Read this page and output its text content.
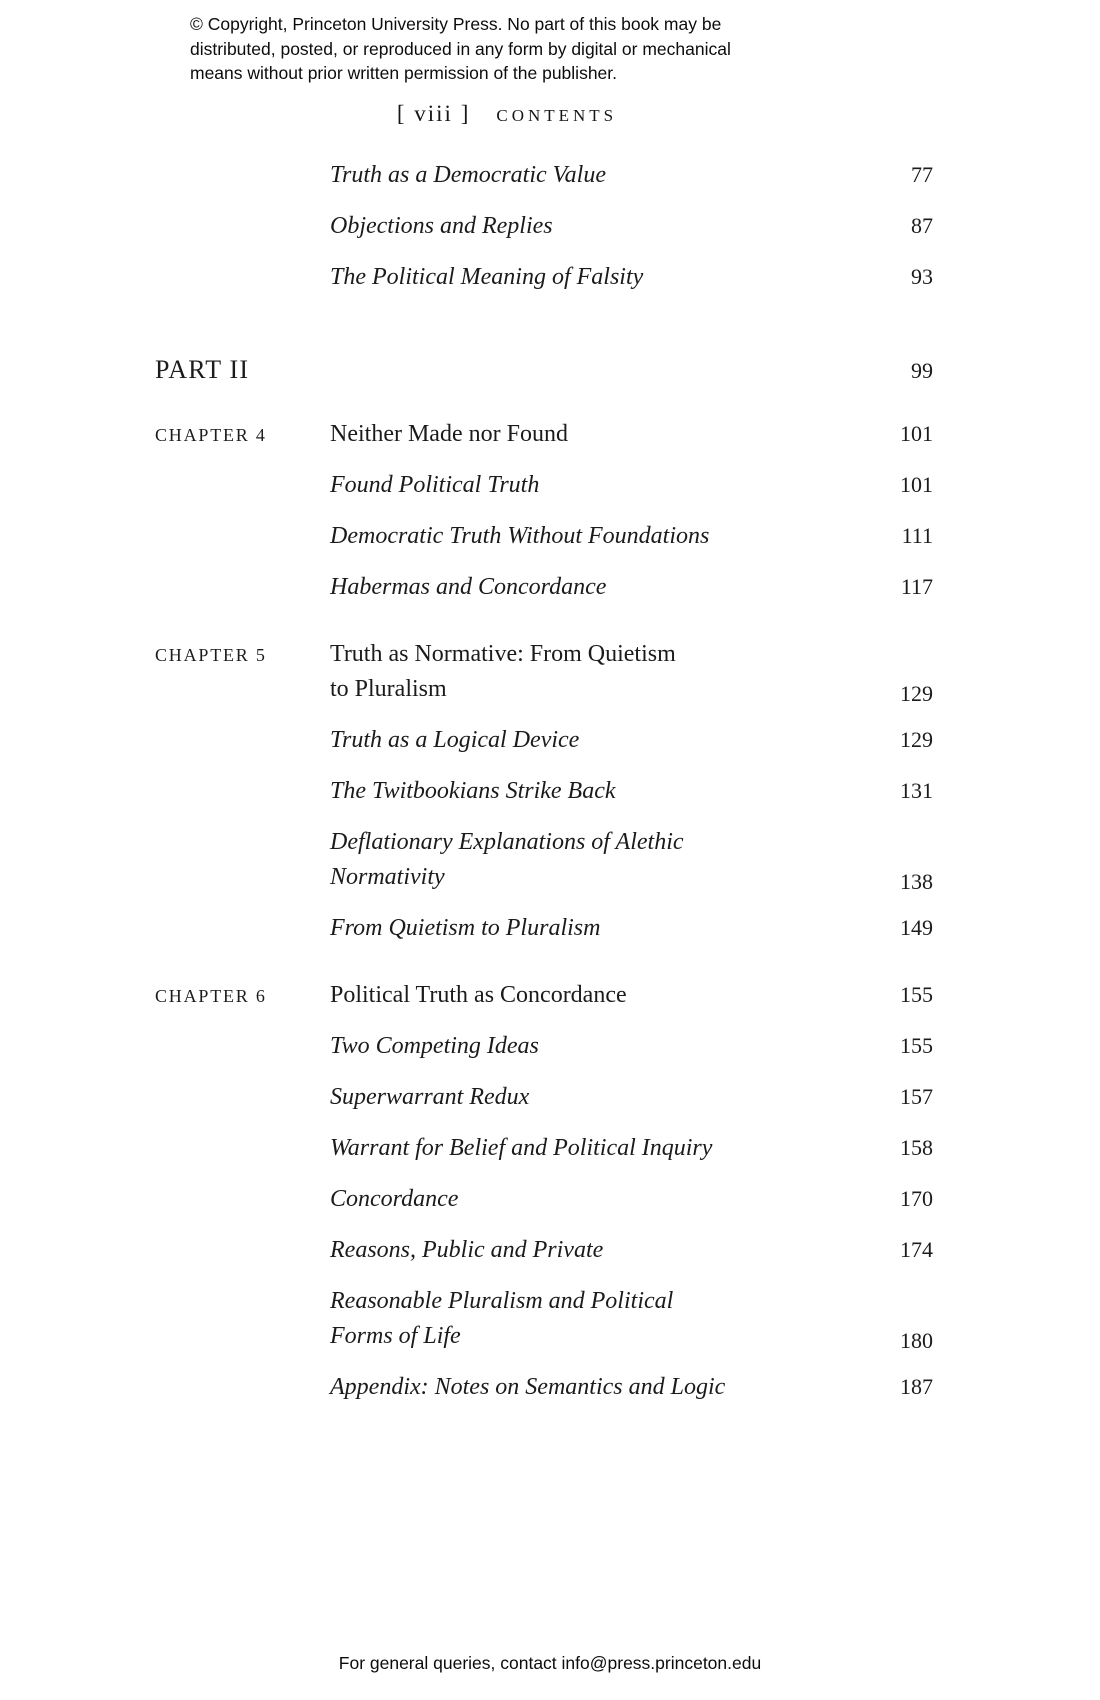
© Copyright, Princeton University Press. No part of this book may be
distributed, posted, or reproduced in any form by digital or mechanical
means without prior written permission of the publisher.
[ viii ] CONTENTS
Truth as a Democratic Value	77
Objections and Replies	87
The Political Meaning of Falsity	93
PART II	99
CHAPTER 4	Neither Made nor Found	101
Found Political Truth	101
Democratic Truth Without Foundations	111
Habermas and Concordance	117
CHAPTER 5	Truth as Normative: From Quietism
to Pluralism	129
Truth as a Logical Device	129
The Twitbookians Strike Back	131
Deflationary Explanations of Alethic
Normativity	138
From Quietism to Pluralism	149
CHAPTER 6	Political Truth as Concordance	155
Two Competing Ideas	155
Superwarrant Redux	157
Warrant for Belief and Political Inquiry	158
Concordance	170
Reasons, Public and Private	174
Reasonable Pluralism and Political
Forms of Life	180
Appendix: Notes on Semantics and Logic	187
For general queries, contact info@press.princeton.edu
